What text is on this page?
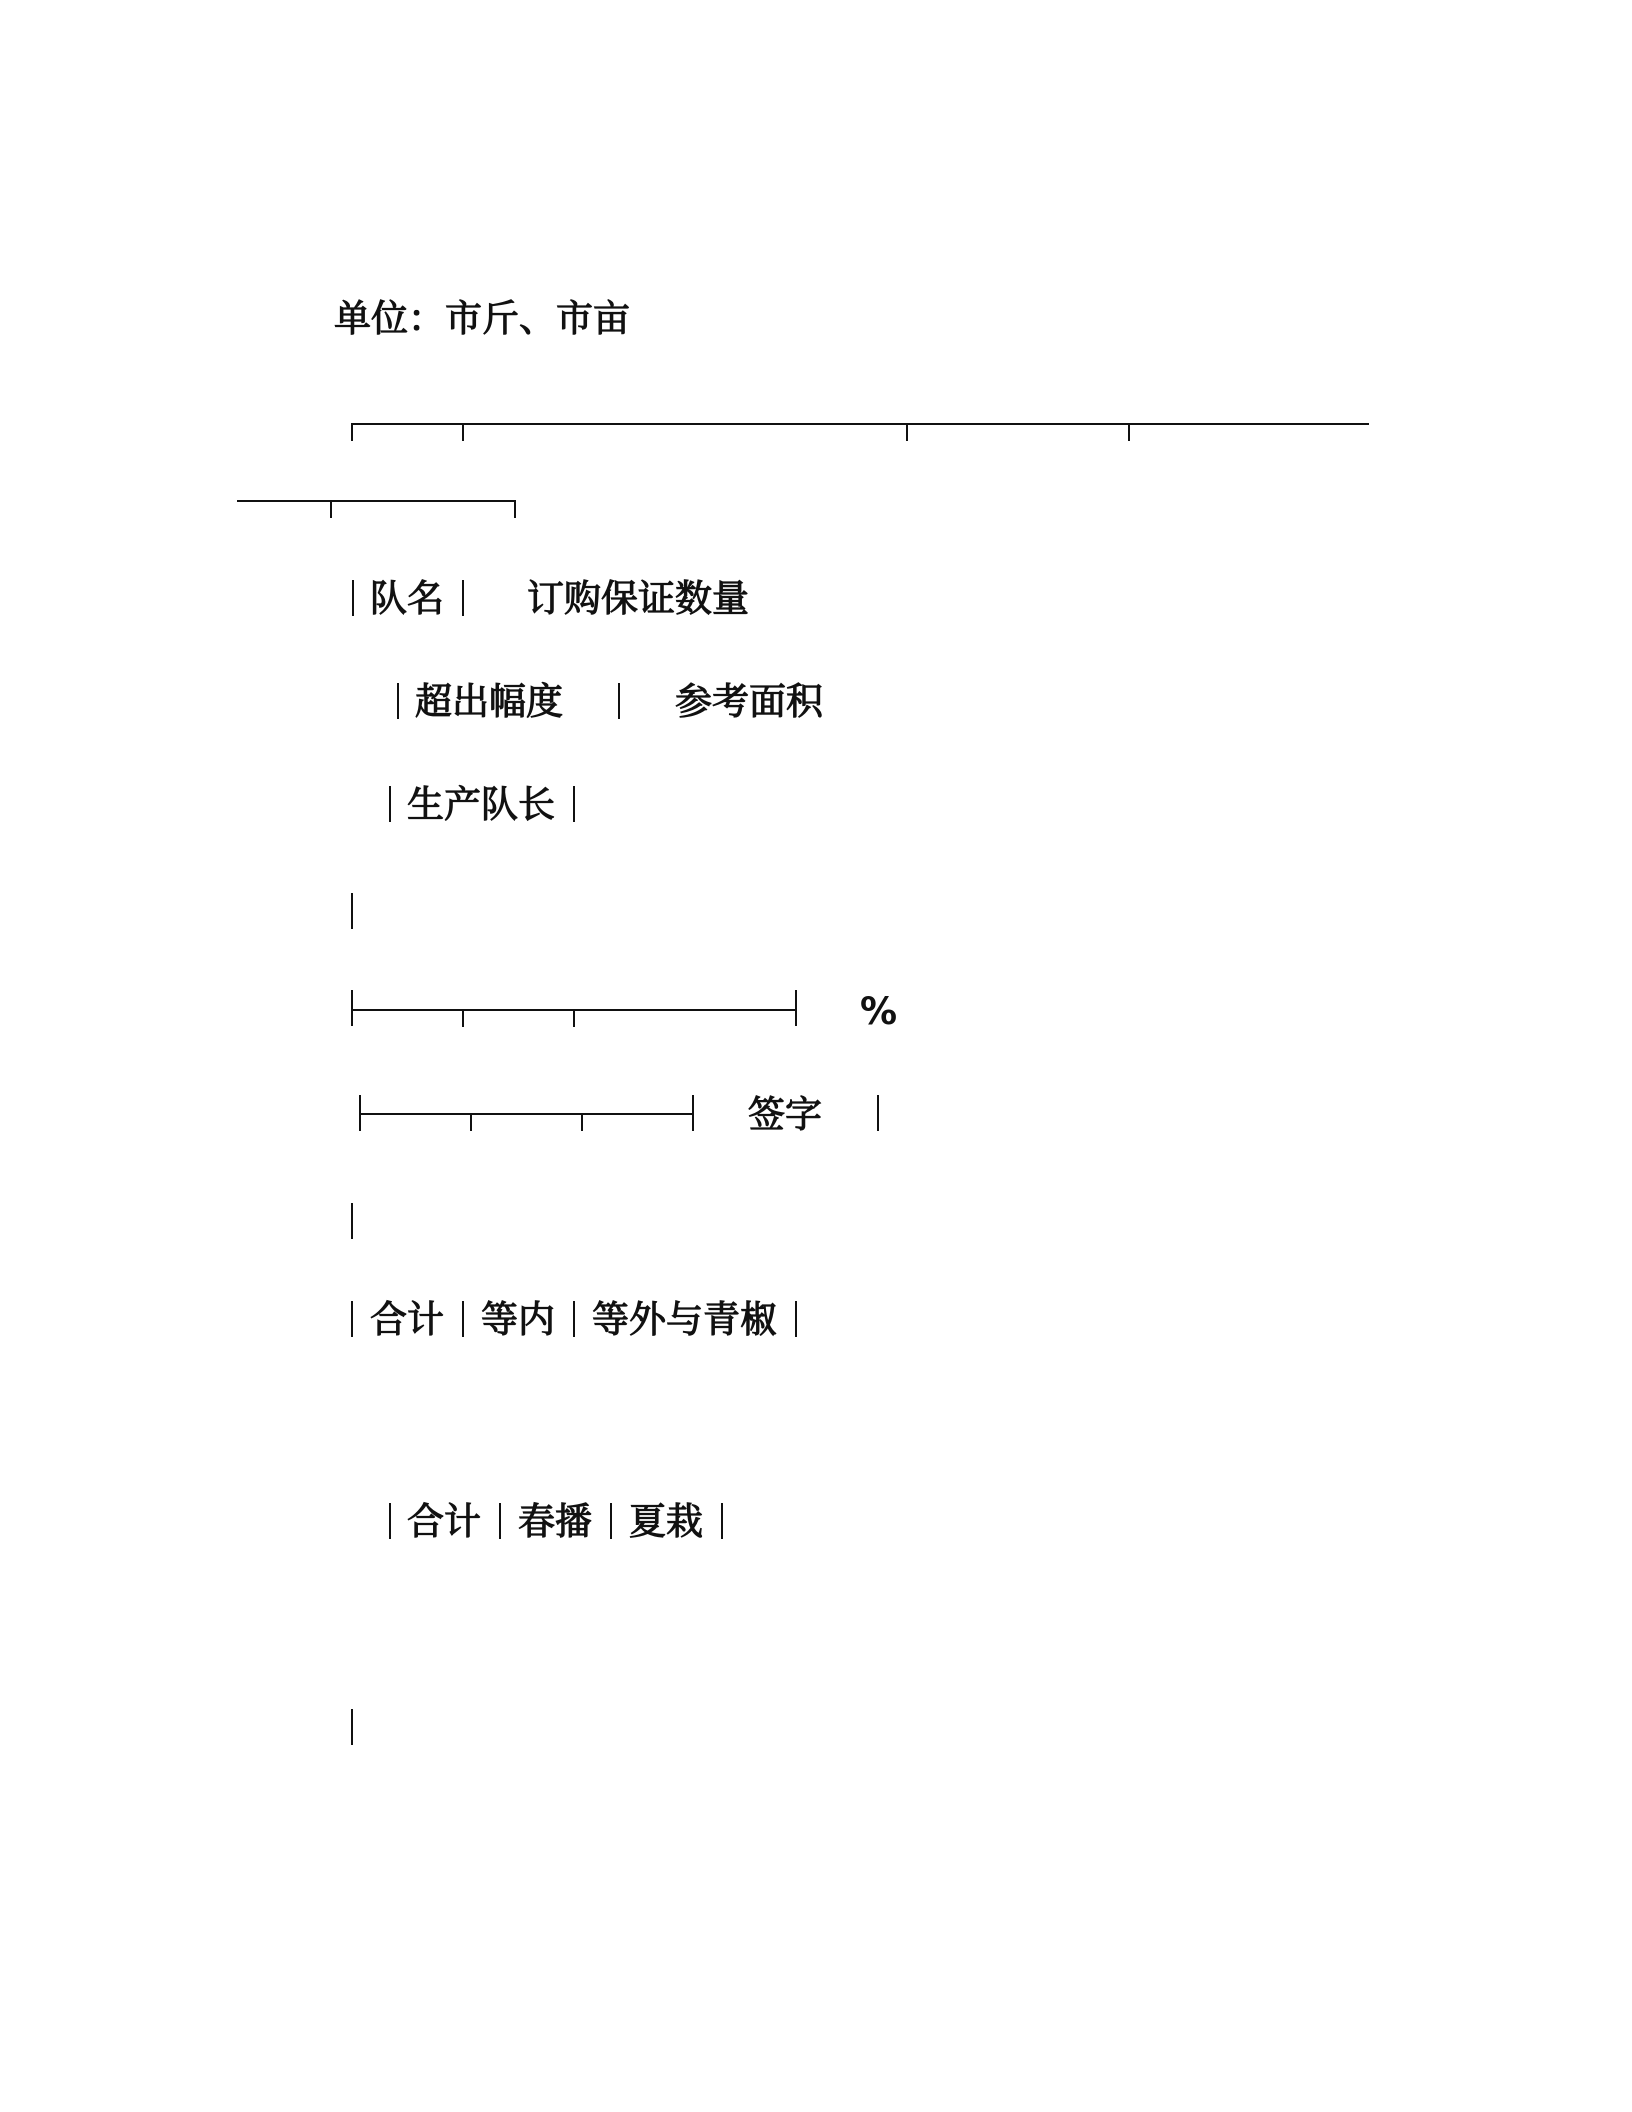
单位：市斤、市亩
队名 订购保证数量
超出幅度	参考面积
生产队长
%
签字
合计 等内 等外与青椒
合计 春播 夏栽
